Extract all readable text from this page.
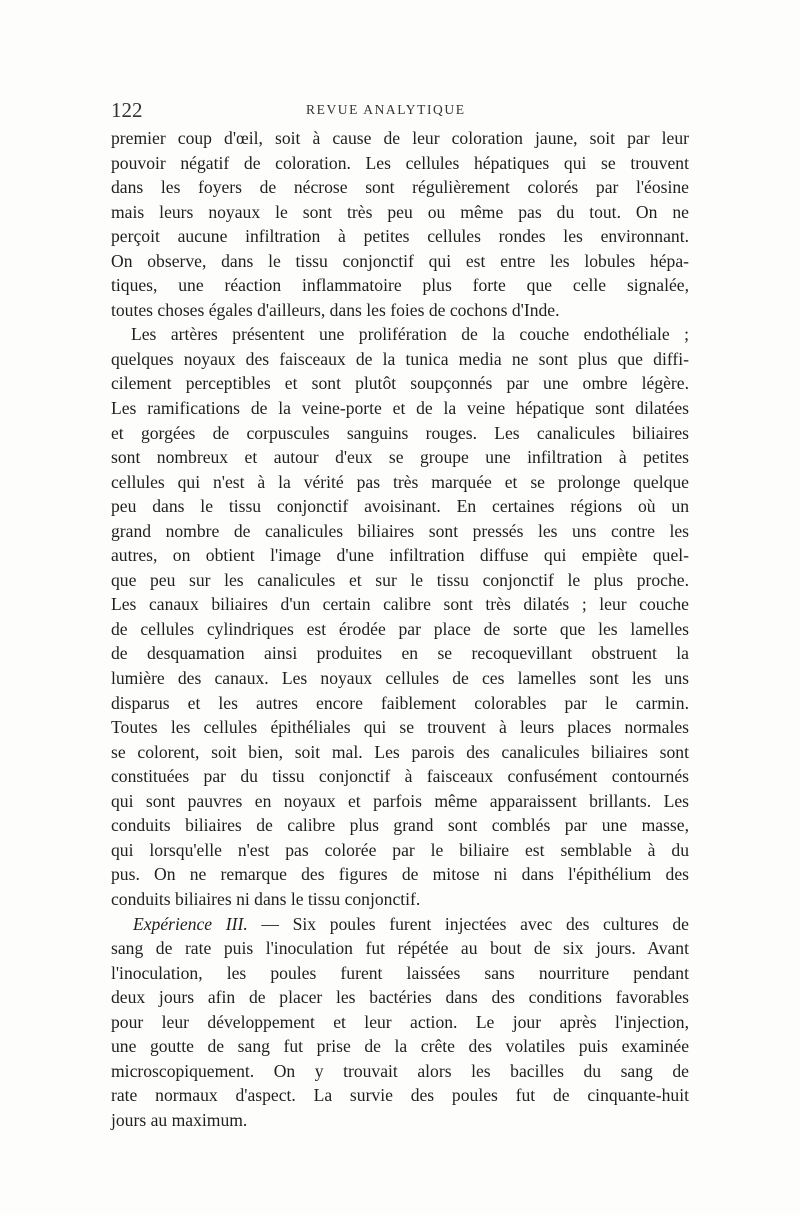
122	REVUE ANALYTIQUE
premier coup d'œil, soit à cause de leur coloration jaune, soit par leur
pouvoir négatif de coloration. Les cellules hépatiques qui se trouvent
dans les foyers de nécrose sont régulièrement colorés par l'éosine
mais leurs noyaux le sont très peu ou même pas du tout. On ne
perçoit aucune infiltration à petites cellules rondes les environnant.
On observe, dans le tissu conjonctif qui est entre les lobules hépa-
tiques, une réaction inflammatoire plus forte que celle signalée,
toutes choses égales d'ailleurs, dans les foies de cochons d'Inde.
Les artères présentent une prolifération de la couche endothéliale ;
quelques noyaux des faisceaux de la tunica media ne sont plus que diffi-
cilement perceptibles et sont plutôt soupçonnés par une ombre légère.
Les ramifications de la veine-porte et de la veine hépatique sont dilatées
et gorgées de corpuscules sanguins rouges. Les canalicules biliaires
sont nombreux et autour d'eux se groupe une infiltration à petites
cellules qui n'est à la vérité pas très marquée et se prolonge quelque
peu dans le tissu conjonctif avoisinant. En certaines régions où un
grand nombre de canalicules biliaires sont pressés les uns contre les
autres, on obtient l'image d'une infiltration diffuse qui empiète quel-
que peu sur les canalicules et sur le tissu conjonctif le plus proche.
Les canaux biliaires d'un certain calibre sont très dilatés ; leur couche
de cellules cylindriques est érodée par place de sorte que les lamelles
de desquamation ainsi produites en se recoquevillant obstruent la
lumière des canaux. Les noyaux cellules de ces lamelles sont les uns
disparus et les autres encore faiblement colorables par le carmin.
Toutes les cellules épithéliales qui se trouvent à leurs places normales
se colorent, soit bien, soit mal. Les parois des canalicules biliaires sont
constituées par du tissu conjonctif à faisceaux confusément contournés
qui sont pauvres en noyaux et parfois même apparaissent brillants. Les
conduits biliaires de calibre plus grand sont comblés par une masse,
qui lorsqu'elle n'est pas colorée par le biliaire est semblable à du
pus. On ne remarque des figures de mitose ni dans l'épithélium des
conduits biliaires ni dans le tissu conjonctif.
Expérience III. — Six poules furent injectées avec des cultures de
sang de rate puis l'inoculation fut répétée au bout de six jours. Avant
l'inoculation, les poules furent laissées sans nourriture pendant
deux jours afin de placer les bactéries dans des conditions favorables
pour leur développement et leur action. Le jour après l'injection,
une goutte de sang fut prise de la crête des volatiles puis examinée
microscopiquement. On y trouvait alors les bacilles du sang de
rate normaux d'aspect. La survie des poules fut de cinquante-huit
jours au maximum.
